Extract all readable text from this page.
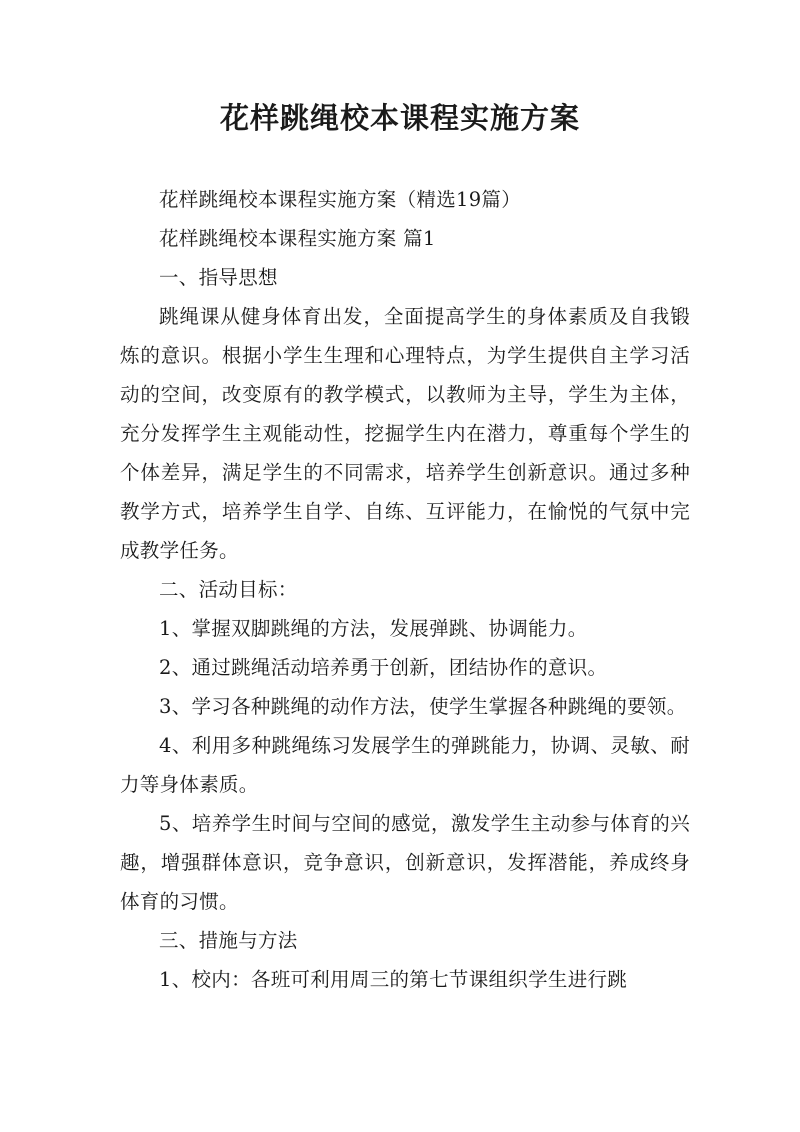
花样跳绳校本课程实施方案

花样跳绳校本课程实施方案（精选19篇）

花样跳绳校本课程实施方案 篇1

一、指导思想

跳绳课从健身体育出发，全面提高学生的身体素质及自我锻炼的意识。根据小学生生理和心理特点，为学生提供自主学习活动的空间，改变原有的教学模式，以教师为主导，学生为主体，充分发挥学生主观能动性，挖掘学生内在潜力，尊重每个学生的个体差异，满足学生的不同需求，培养学生创新意识。通过多种教学方式，培养学生自学、自练、互评能力，在愉悦的气氛中完成教学任务。

二、活动目标：

1、掌握双脚跳绳的方法，发展弹跳、协调能力。

2、通过跳绳活动培养勇于创新，团结协作的意识。

3、学习各种跳绳的动作方法，使学生掌握各种跳绳的要领。

4、利用多种跳绳练习发展学生的弹跳能力，协调、灵敏、耐力等身体素质。

5、培养学生时间与空间的感觉，激发学生主动参与体育的兴趣，增强群体意识，竞争意识，创新意识，发挥潜能，养成终身体育的习惯。

三、措施与方法

1、校内：各班可利用周三的第七节课组织学生进行跳
